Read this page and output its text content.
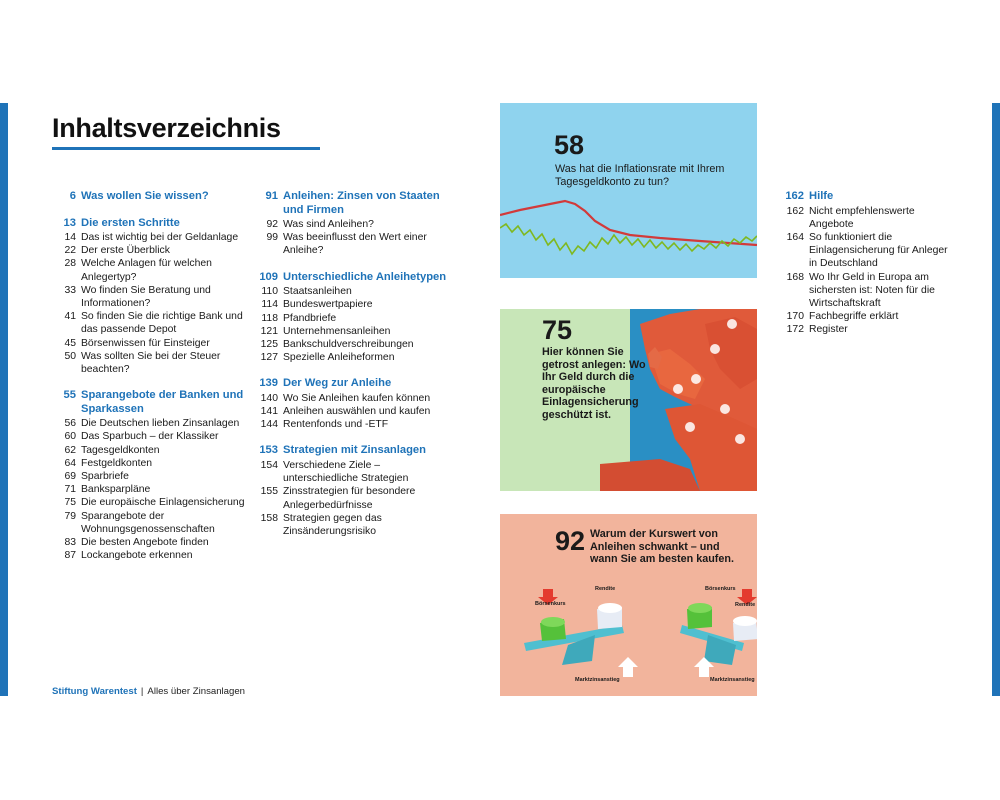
Inhaltsverzeichnis
6 Was wollen Sie wissen?
13 Die ersten Schritte
14 Das ist wichtig bei der Geldanlage
22 Der erste Überblick
28 Welche Anlagen für welchen Anlegertyp?
33 Wo finden Sie Beratung und Informationen?
41 So finden Sie die richtige Bank und das passende Depot
45 Börsenwissen für Einsteiger
50 Was sollten Sie bei der Steuer beachten?
55 Sparangebote der Banken und Sparkassen
56 Die Deutschen lieben Zinsanlagen
60 Das Sparbuch – der Klassiker
62 Tagesgeldkonten
64 Festgeldkonten
69 Sparbriefe
71 Banksparpläne
75 Die europäische Einlagensicherung
79 Sparangebote der Wohnungsgenossenschaften
83 Die besten Angebote finden
87 Lockangebote erkennen
91 Anleihen: Zinsen von Staaten und Firmen
92 Was sind Anleihen?
99 Was beeinflusst den Wert einer Anleihe?
109 Unterschiedliche Anleihetypen
110 Staatsanleihen
114 Bundeswertpapiere
118 Pfandbriefe
121 Unternehmensanleihen
125 Bankschuldverschreibungen
127 Spezielle Anleiheformen
139 Der Weg zur Anleihe
140 Wo Sie Anleihen kaufen können
141 Anleihen auswählen und kaufen
144 Rentenfonds und -ETF
153 Strategien mit Zinsanlagen
154 Verschiedene Ziele – unterschiedliche Strategien
155 Zinsstrategien für besondere Anlegerbedürfnisse
158 Strategien gegen das Zinsänderungsrisiko
162 Hilfe
162 Nicht empfehlenswerte Angebote
164 So funktioniert die Einlagensicherung für Anleger in Deutschland
168 Wo Ihr Geld in Europa am sichersten ist: Noten für die Wirtschaftskraft
170 Fachbegriffe erklärt
172 Register
58
Was hat die Inflationsrate mit Ihrem Tagesgeldkonto zu tun?
75
Hier können Sie getrost anlegen: Wo Ihr Geld durch die europäische Einlagensicherung geschützt ist.
92 Warum der Kurswert von Anleihen schwankt – und wann Sie am besten kaufen.
Börsenkurs
Rendite
Marktzinsanstieg
Börsenkurs
Rendite
Marktzinsanstieg
Stiftung Warentest | Alles über Zinsanlagen
